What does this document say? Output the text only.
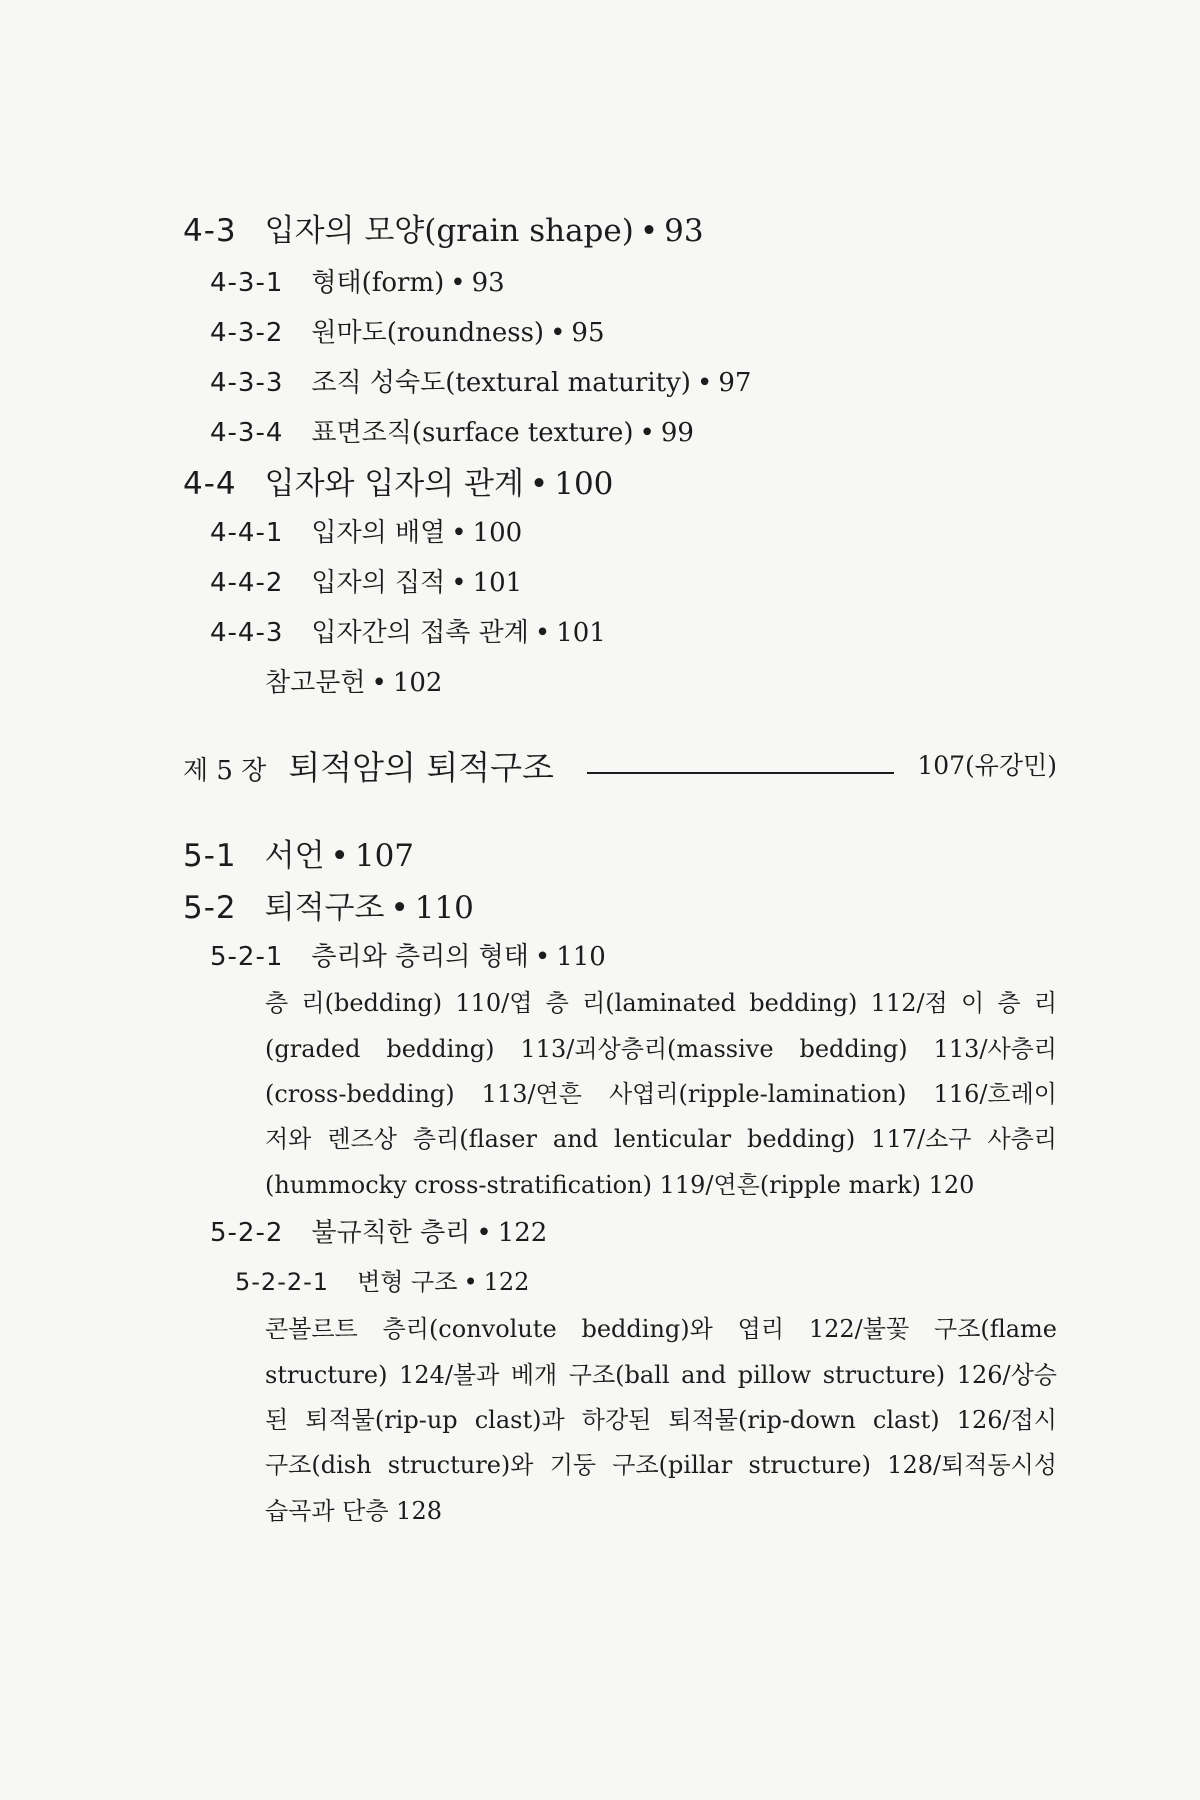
4-3 입자의 모양(grain shape) • 93
4-3-1 형태(form) • 93
4-3-2 원마도(roundness) • 95
4-3-3 조직 성숙도(textural maturity) • 97
4-3-4 표면조직(surface texture) • 99
4-4 입자와 입자의 관계 • 100
4-4-1 입자의 배열 • 100
4-4-2 입자의 집적 • 101
4-4-3 입자간의 접촉 관계 • 101
참고문헌 • 102
제 5 장 퇴적암의 퇴적구조	107(유강민)
5-1 서언 • 107
5-2 퇴적구조 • 110
5-2-1 층리와 층리의 형태 • 110
층 리(bedding) 110/엽 층 리(laminated bedding) 112/점 이 층 리
(graded bedding) 113/괴상층리(massive bedding) 113/사층리
(cross-bedding) 113/연흔 사엽리(ripple-lamination) 116/흐레이
저와 렌즈상 층리(flaser and lenticular bedding) 117/소구 사층리
(hummocky cross-stratification) 119/연흔(ripple mark) 120
5-2-2 불규칙한 층리 • 122
5-2-2-1 변형 구조 • 122
콘볼르트 층리(convolute bedding)와 엽리 122/불꽃 구조(flame
structure) 124/볼과 베개 구조(ball and pillow structure) 126/상승
된 퇴적물(rip-up clast)과 하강된 퇴적물(rip-down clast) 126/접시
구조(dish structure)와 기둥 구조(pillar structure) 128/퇴적동시성
습곡과 단층 128
